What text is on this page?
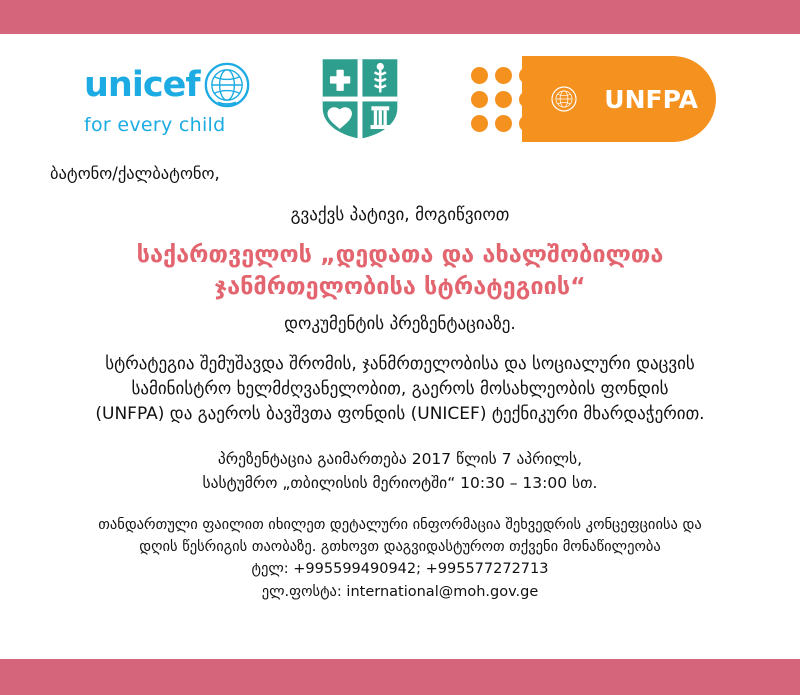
unicef
for every child
UNFPA
ბატონო/ქალბატონო,
გვაქვს პატივი, მოგიწვიოთ
საქართველოს „დედათა და ახალშობილთა
ჯანმრთელობისა სტრატეგიის“
დოკუმენტის პრეზენტაციაზე.
სტრატეგია შემუშავდა შრომის, ჯანმრთელობისა და სოციალური დაცვის
სამინისტრო ხელმძღვანელობით, გაეროს მოსახლეობის ფონდის
(UNFPA) და გაეროს ბავშვთა ფონდის (UNICEF) ტექნიკური მხარდაჭერით.
პრეზენტაცია გაიმართება 2017 წლის 7 აპრილს,
სასტუმრო „თბილისის მერიოტში“ 10:30 – 13:00 სთ.
თანდართული ფაილით იხილეთ დეტალური ინფორმაცია შეხვედრის კონცეფციისა და
დღის წესრიგის თაობაზე. გთხოვთ დაგვიდასტუროთ თქვენი მონაწილეობა
ტელ: +995599490942; +995577272713
ელ.ფოსტა: international@moh.gov.ge
